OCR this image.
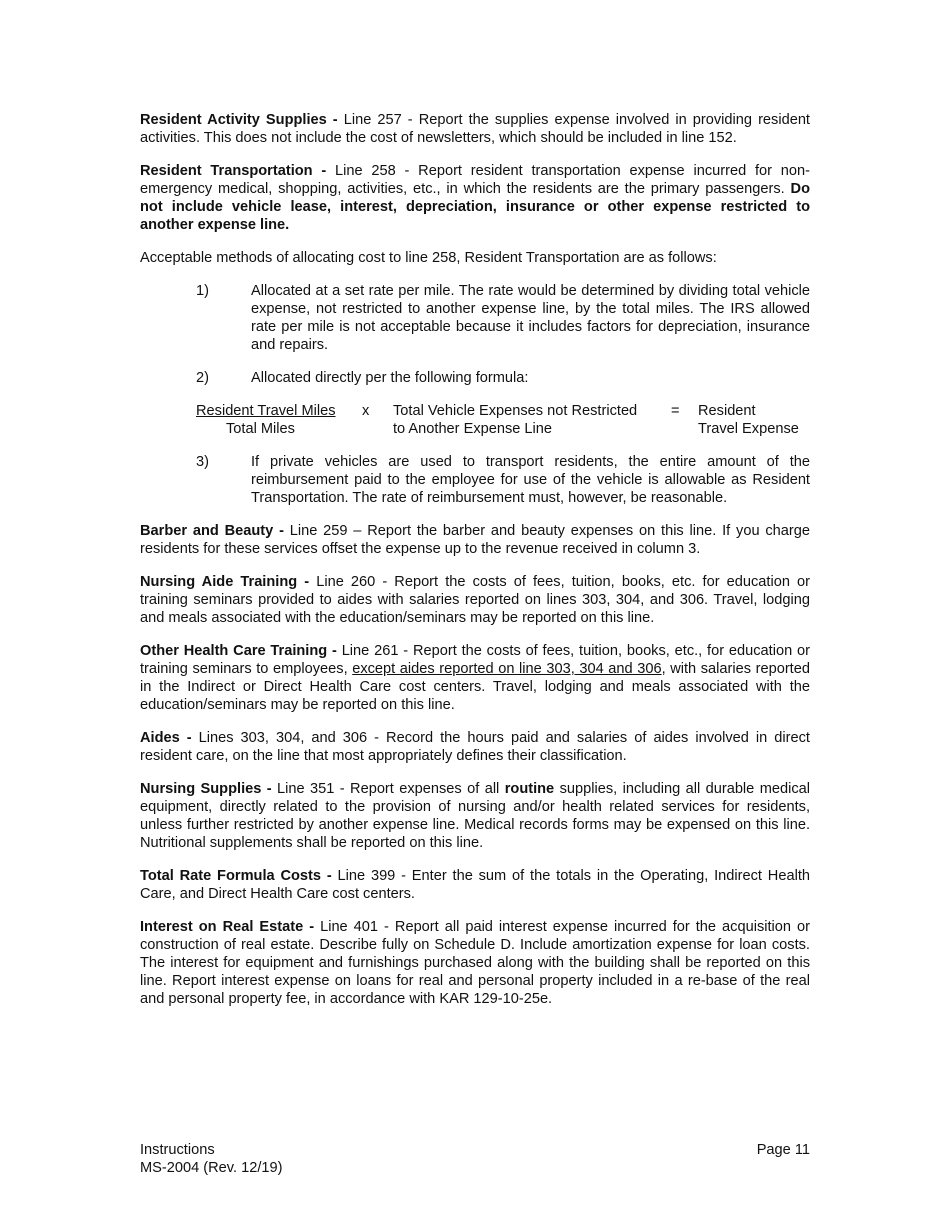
Resident Activity Supplies - Line 257 - Report the supplies expense involved in providing resident activities. This does not include the cost of newsletters, which should be included in line 152.

Resident Transportation - Line 258 - Report resident transportation expense incurred for non-emergency medical, shopping, activities, etc., in which the residents are the primary passengers. Do not include vehicle lease, interest, depreciation, insurance or other expense restricted to another expense line.

Acceptable methods of allocating cost to line 258, Resident Transportation are as follows:

1)	Allocated at a set rate per mile. The rate would be determined by dividing total vehicle expense, not restricted to another expense line, by the total miles. The IRS allowed rate per mile is not acceptable because it includes factors for depreciation, insurance and repairs.
2)	Allocated directly per the following formula:
Resident Travel Miles
Total Miles
x Total Vehicle Expenses not Restricted
to Another Expense Line
= Resident
Travel Expense
3)	If private vehicles are used to transport residents, the entire amount of the reimbursement paid to the employee for use of the vehicle is allowable as Resident Transportation. The rate of reimbursement must, however, be reasonable.

Barber and Beauty - Line 259 – Report the barber and beauty expenses on this line. If you charge residents for these services offset the expense up to the revenue received in column 3.

Nursing Aide Training - Line 260 - Report the costs of fees, tuition, books, etc. for education or training seminars provided to aides with salaries reported on lines 303, 304, and 306. Travel, lodging and meals associated with the education/seminars may be reported on this line.

Other Health Care Training - Line 261 - Report the costs of fees, tuition, books, etc., for education or training seminars to employees, except aides reported on line 303, 304 and 306, with salaries reported in the Indirect or Direct Health Care cost centers. Travel, lodging and meals associated with the education/seminars may be reported on this line.

Aides - Lines 303, 304, and 306 - Record the hours paid and salaries of aides involved in direct resident care, on the line that most appropriately defines their classification.

Nursing Supplies - Line 351 - Report expenses of all routine supplies, including all durable medical equipment, directly related to the provision of nursing and/or health related services for residents, unless further restricted by another expense line. Medical records forms may be expensed on this line. Nutritional supplements shall be reported on this line.

Total Rate Formula Costs - Line 399 - Enter the sum of the totals in the Operating, Indirect Health Care, and Direct Health Care cost centers.

Interest on Real Estate - Line 401 - Report all paid interest expense incurred for the acquisition or construction of real estate. Describe fully on Schedule D. Include amortization expense for loan costs. The interest for equipment and furnishings purchased along with the building shall be reported on this line. Report interest expense on loans for real and personal property included in a re-base of the real and personal property fee, in accordance with KAR 129-10-25e.

Instructions
MS-2004 (Rev. 12/19)
Page 11
